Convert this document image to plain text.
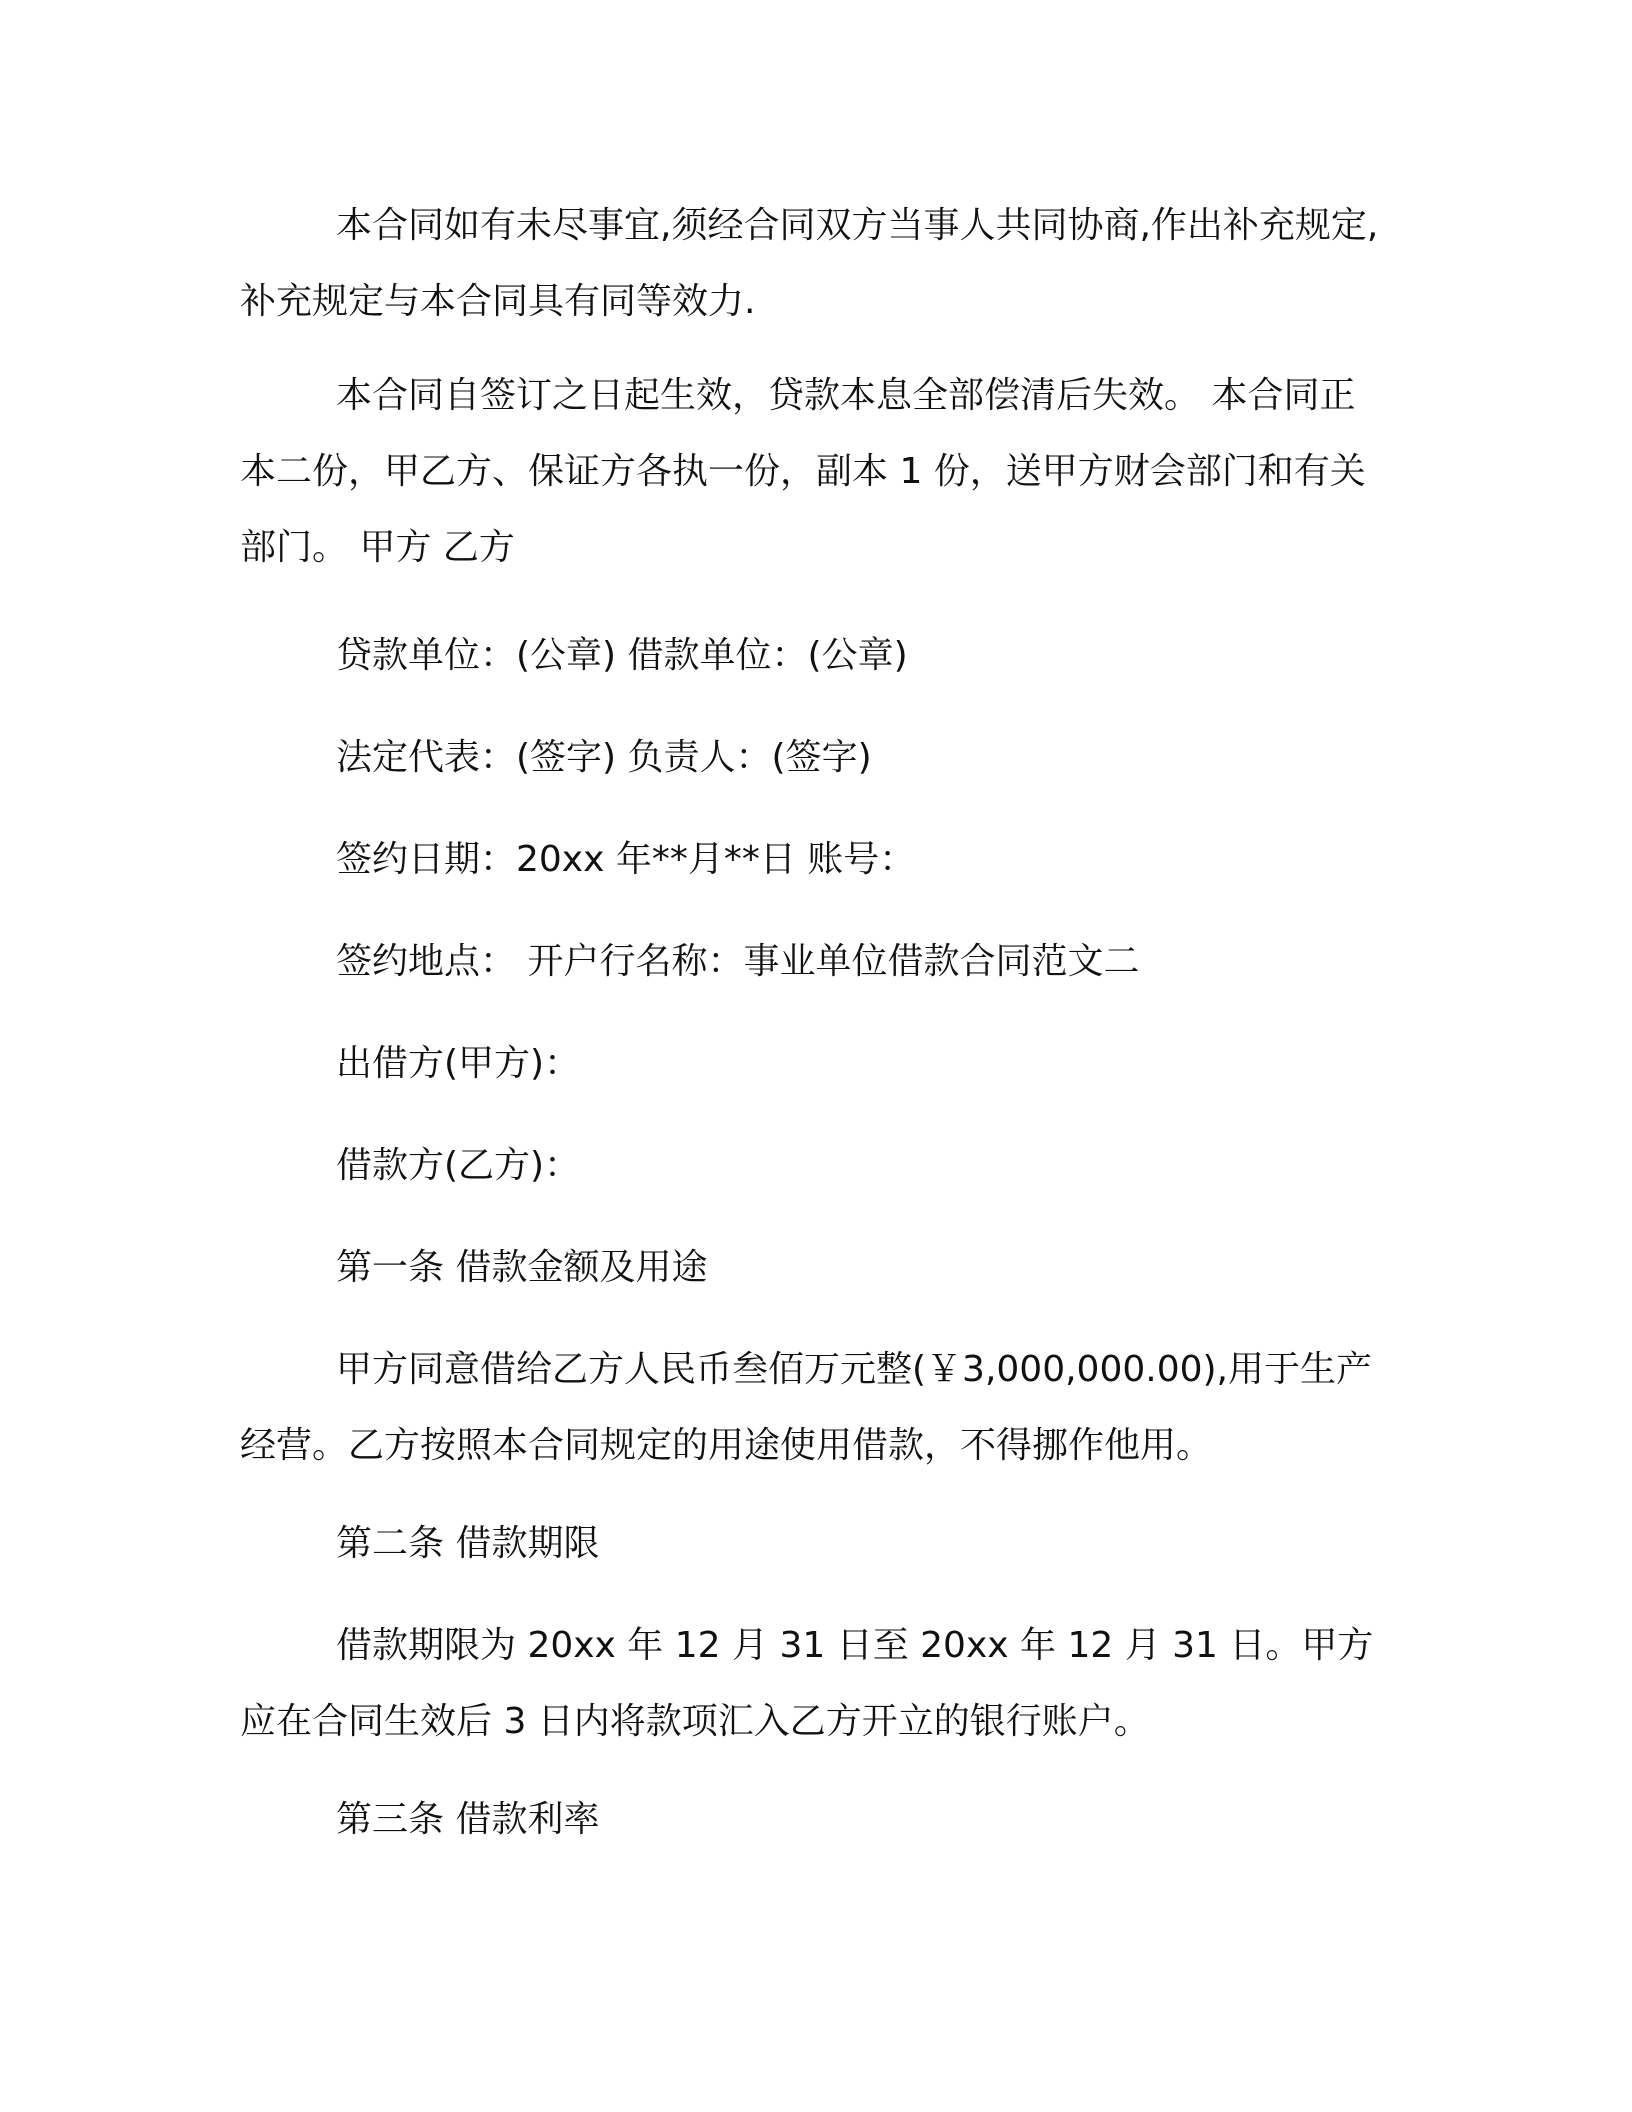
本合同如有未尽事宜,须经合同双方当事人共同协商,作出补充规定,补充规定与本合同具有同等效力.

本合同自签订之日起生效，贷款本息全部偿清后失效。 本合同正本二份，甲乙方、保证方各执一份，副本 1 份，送甲方财会部门和有关部门。 甲方 乙方

贷款单位：(公章) 借款单位：(公章)

法定代表：(签字) 负责人：(签字)

签约日期：20xx 年**月**日 账号：

签约地点： 开户行名称：事业单位借款合同范文二

出借方(甲方)：

借款方(乙方)：

第一条 借款金额及用途

甲方同意借给乙方人民币叁佰万元整(￥3,000,000.00),用于生产经营。乙方按照本合同规定的用途使用借款，不得挪作他用。

第二条 借款期限

借款期限为 20xx 年 12 月 31 日至 20xx 年 12 月 31 日。甲方应在合同生效后 3 日内将款项汇入乙方开立的银行账户。

第三条 借款利率
